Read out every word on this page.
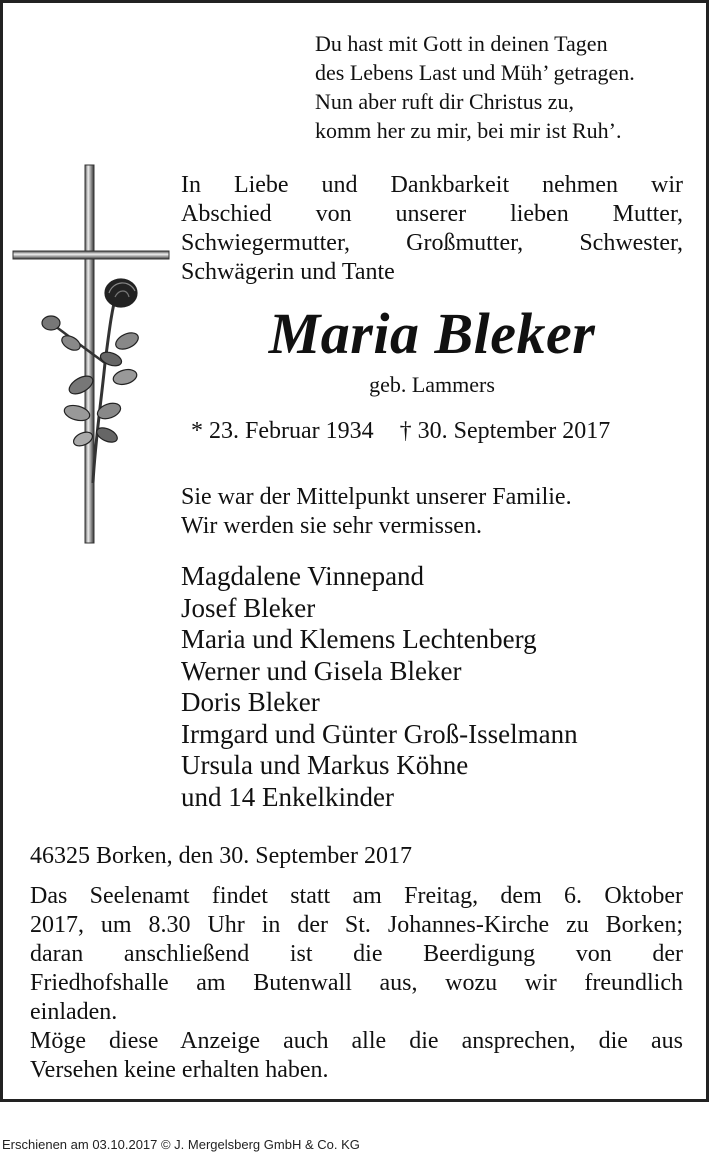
Du hast mit Gott in deinen Tagen
des Lebens Last und Müh’ getragen.
Nun aber ruft dir Christus zu,
komm her zu mir, bei mir ist Ruh’.
In Liebe und Dankbarkeit nehmen wir
Abschied von unserer lieben Mutter,
Schwiegermutter, Großmutter, Schwester,
Schwägerin und Tante
Maria Bleker
geb. Lammers
* 23. Februar 1934 † 30. September 2017
Sie war der Mittelpunkt unserer Familie.
Wir werden sie sehr vermissen.
Magdalene Vinnepand
Josef Bleker
Maria und Klemens Lechtenberg
Werner und Gisela Bleker
Doris Bleker
Irmgard und Günter Groß-Isselmann
Ursula und Markus Köhne
und 14 Enkelkinder
46325 Borken, den 30. September 2017
Das Seelenamt findet statt am Freitag, dem 6. Oktober
2017, um 8.30 Uhr in der St. Johannes-Kirche zu Borken;
daran anschließend ist die Beerdigung von der
Friedhofshalle am Butenwall aus, wozu wir freundlich
einladen.
Möge diese Anzeige auch alle die ansprechen, die aus
Versehen keine erhalten haben.
Erschienen am 03.10.2017 © J. Mergelsberg GmbH & Co. KG
